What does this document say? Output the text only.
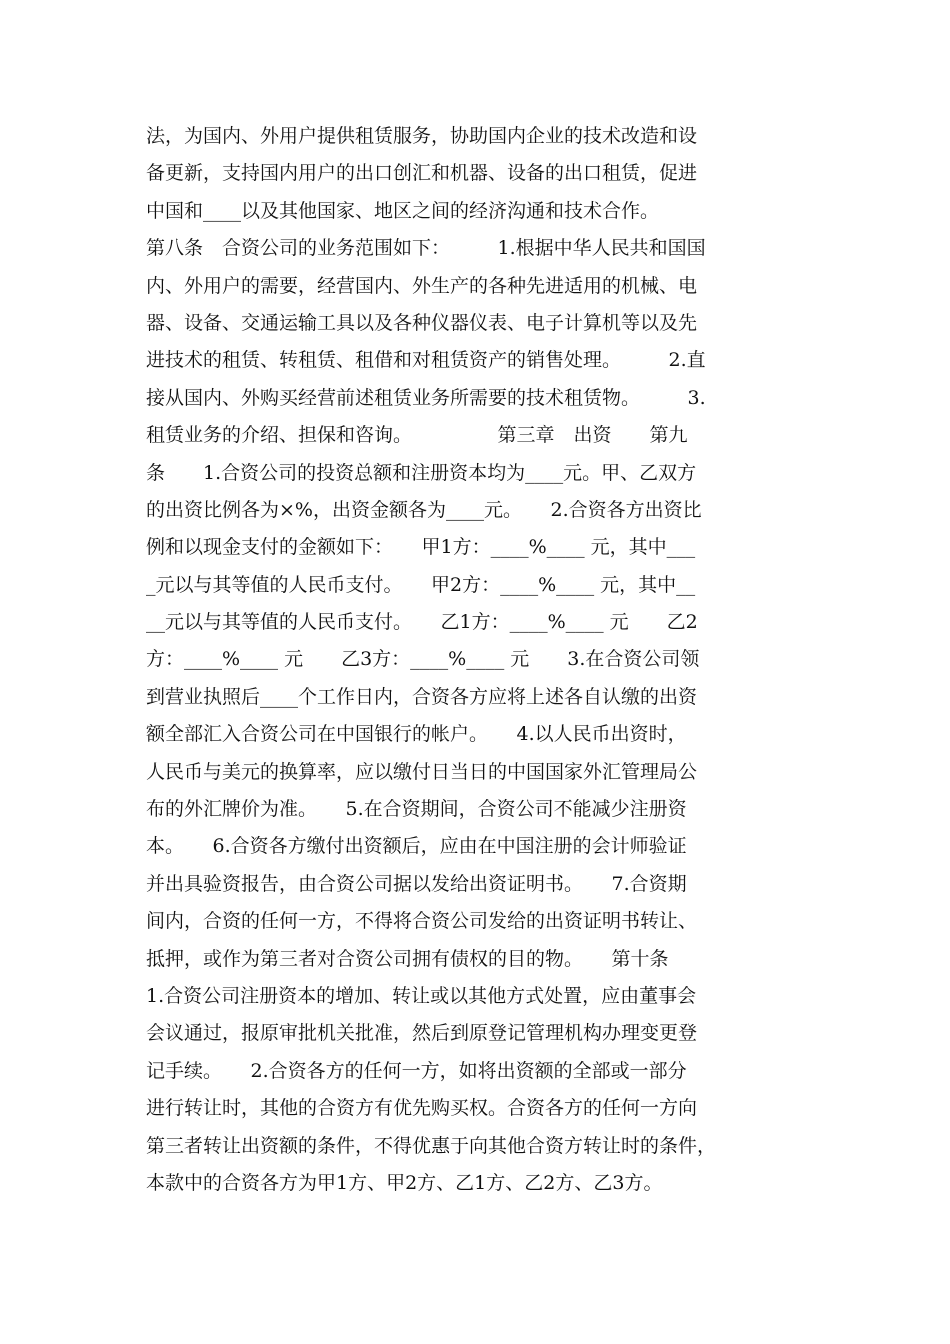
法，为国内、外用户提供租赁服务，协助国内企业的技术改造和设
备更新，支持国内用户的出口创汇和机器、设备的出口租赁，促进
中国和____以及其他国家、地区之间的经济沟通和技术合作。
第八条　合资公司的业务范围如下：　　　1.根据中华人民共和国国
内、外用户的需要，经营国内、外生产的各种先进适用的机械、电
器、设备、交通运输工具以及各种仪器仪表、电子计算机等以及先
进技术的租赁、转租赁、租借和对租赁资产的销售处理。　　　2.直
接从国内、外购买经营前述租赁业务所需要的技术租赁物。　　　3.
租赁业务的介绍、担保和咨询。　　　　　第三章　出资　　第九
条　　1.合资公司的投资总额和注册资本均为____元。甲、乙双方
的出资比例各为×%，出资金额各为____元。　　2.合资各方出资比
例和以现金支付的金额如下：　　甲1方：____%____ 元，其中___
_元以与其等值的人民币支付。　　甲2方：____%____ 元，其中__
__元以与其等值的人民币支付。　　乙1方：____%____ 元　　乙2
方：____%____ 元　　乙3方：____%____ 元　　3.在合资公司领
到营业执照后____个工作日内，合资各方应将上述各自认缴的出资
额全部汇入合资公司在中国银行的帐户。　　4.以人民币出资时，
人民币与美元的换算率，应以缴付日当日的中国国家外汇管理局公
布的外汇牌价为准。　　5.在合资期间，合资公司不能减少注册资
本。　　6.合资各方缴付出资额后，应由在中国注册的会计师验证
并出具验资报告，由合资公司据以发给出资证明书。　　7.合资期
间内，合资的任何一方，不得将合资公司发给的出资证明书转让、
抵押，或作为第三者对合资公司拥有债权的目的物。　　第十条
1.合资公司注册资本的增加、转让或以其他方式处置，应由董事会
会议通过，报原审批机关批准，然后到原登记管理机构办理变更登
记手续。　　2.合资各方的任何一方，如将出资额的全部或一部分
进行转让时，其他的合资方有优先购买权。合资各方的任何一方向
第三者转让出资额的条件，不得优惠于向其他合资方转让时的条件，
本款中的合资各方为甲1方、甲2方、乙1方、乙2方、乙3方。
